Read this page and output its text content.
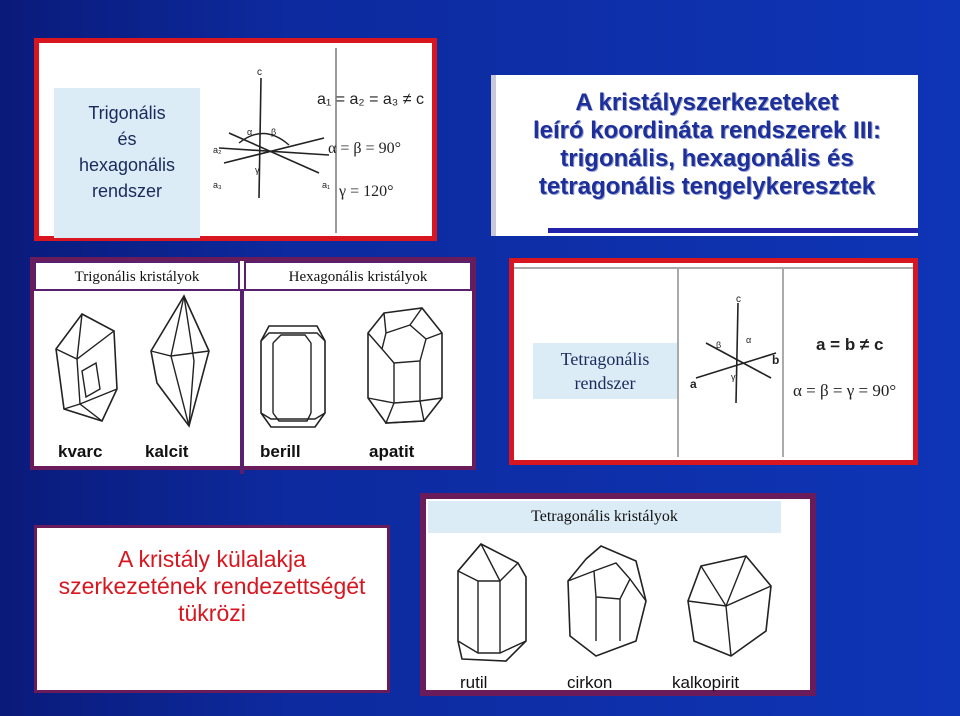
Trigonális
és
hexagonális
rendszer
c
a₂
a₃	a₁
α β
γ
a₁ = a₂ = a₃ ≠ c
α = β = 90°
γ = 120°
A kristályszerkezeteket
leíró koordináta rendszerek III:
trigonális, hexagonális és
tetragonális tengelykeresztek
Trigonális kristályok	Hexagonális kristályok
kvarc	kalcit	berill	apatit
Tetragonális
rendszer
c
a
b
β	α
γ
a = b ≠ c
α = β = γ = 90°
A kristály külalakja
szerkezetének rendezettségét
tükrözi
Tetragonális kristályok
rutil	cirkon	kalkopirit
